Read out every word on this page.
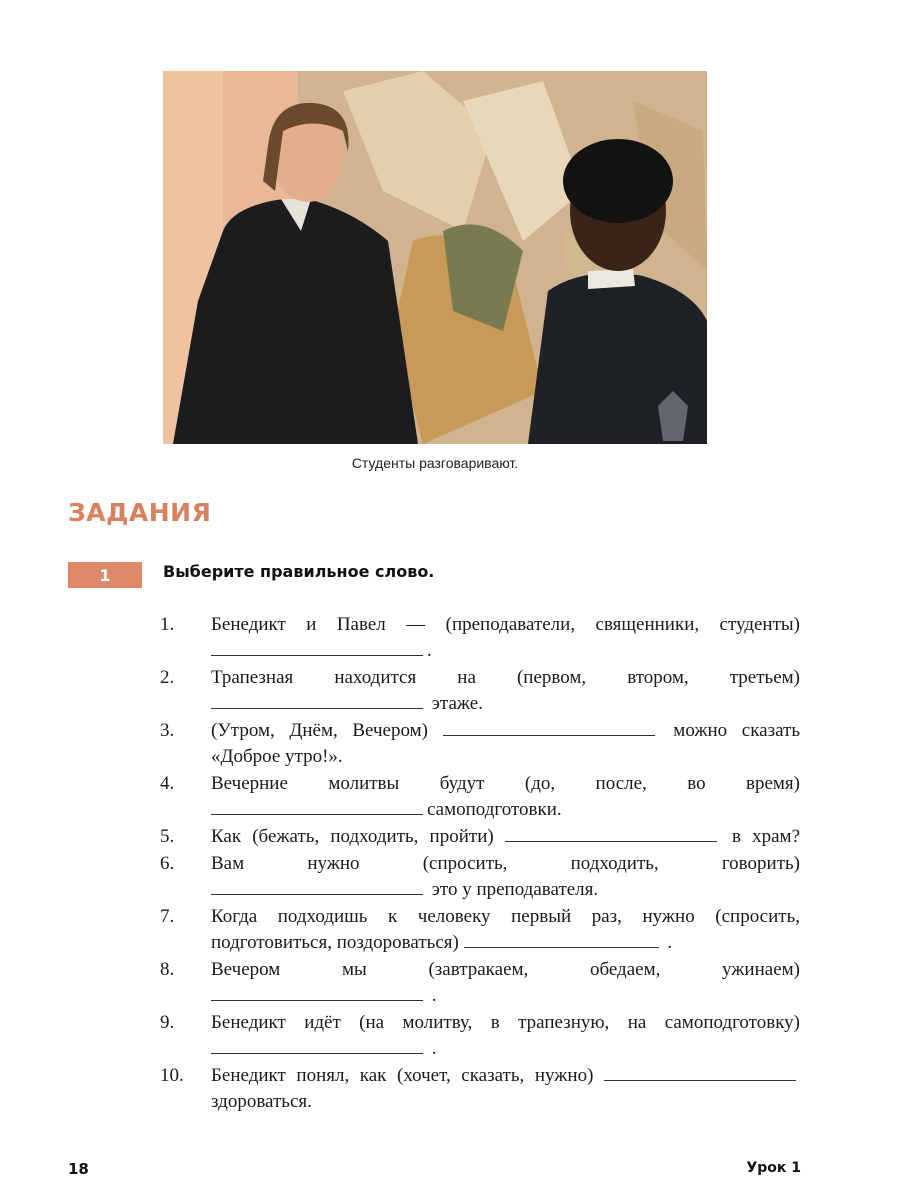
Студенты разговаривают.
ЗАДАНИЯ
1	Выберите правильное слово.
1.	Бенедикт и Павел — (преподаватели, священники, студенты)
.
2.	Трапезная находится на (первом, втором, третьем)
этаже.
3.	(Утром, Днём, Вечером)	можно сказать
«Доброе утро!».
4.	Вечерние молитвы будут (до, после, во время)
самоподготовки.
5.	Как (бежать, подходить, пройти)	в храм?
6.	Вам нужно (спросить, подходить, говорить)
это у преподавателя.
7.	Когда подходишь к человеку первый раз, нужно (спросить,
подготовиться, поздороваться)	.
8.	Вечером мы (завтракаем, обедаем, ужинаем)
.
9.	Бенедикт идёт (на молитву, в трапезную, на самоподготовку)
.
10.	Бенедикт понял, как (хочет, сказать, нужно)
здороваться.
18	Урок 1
